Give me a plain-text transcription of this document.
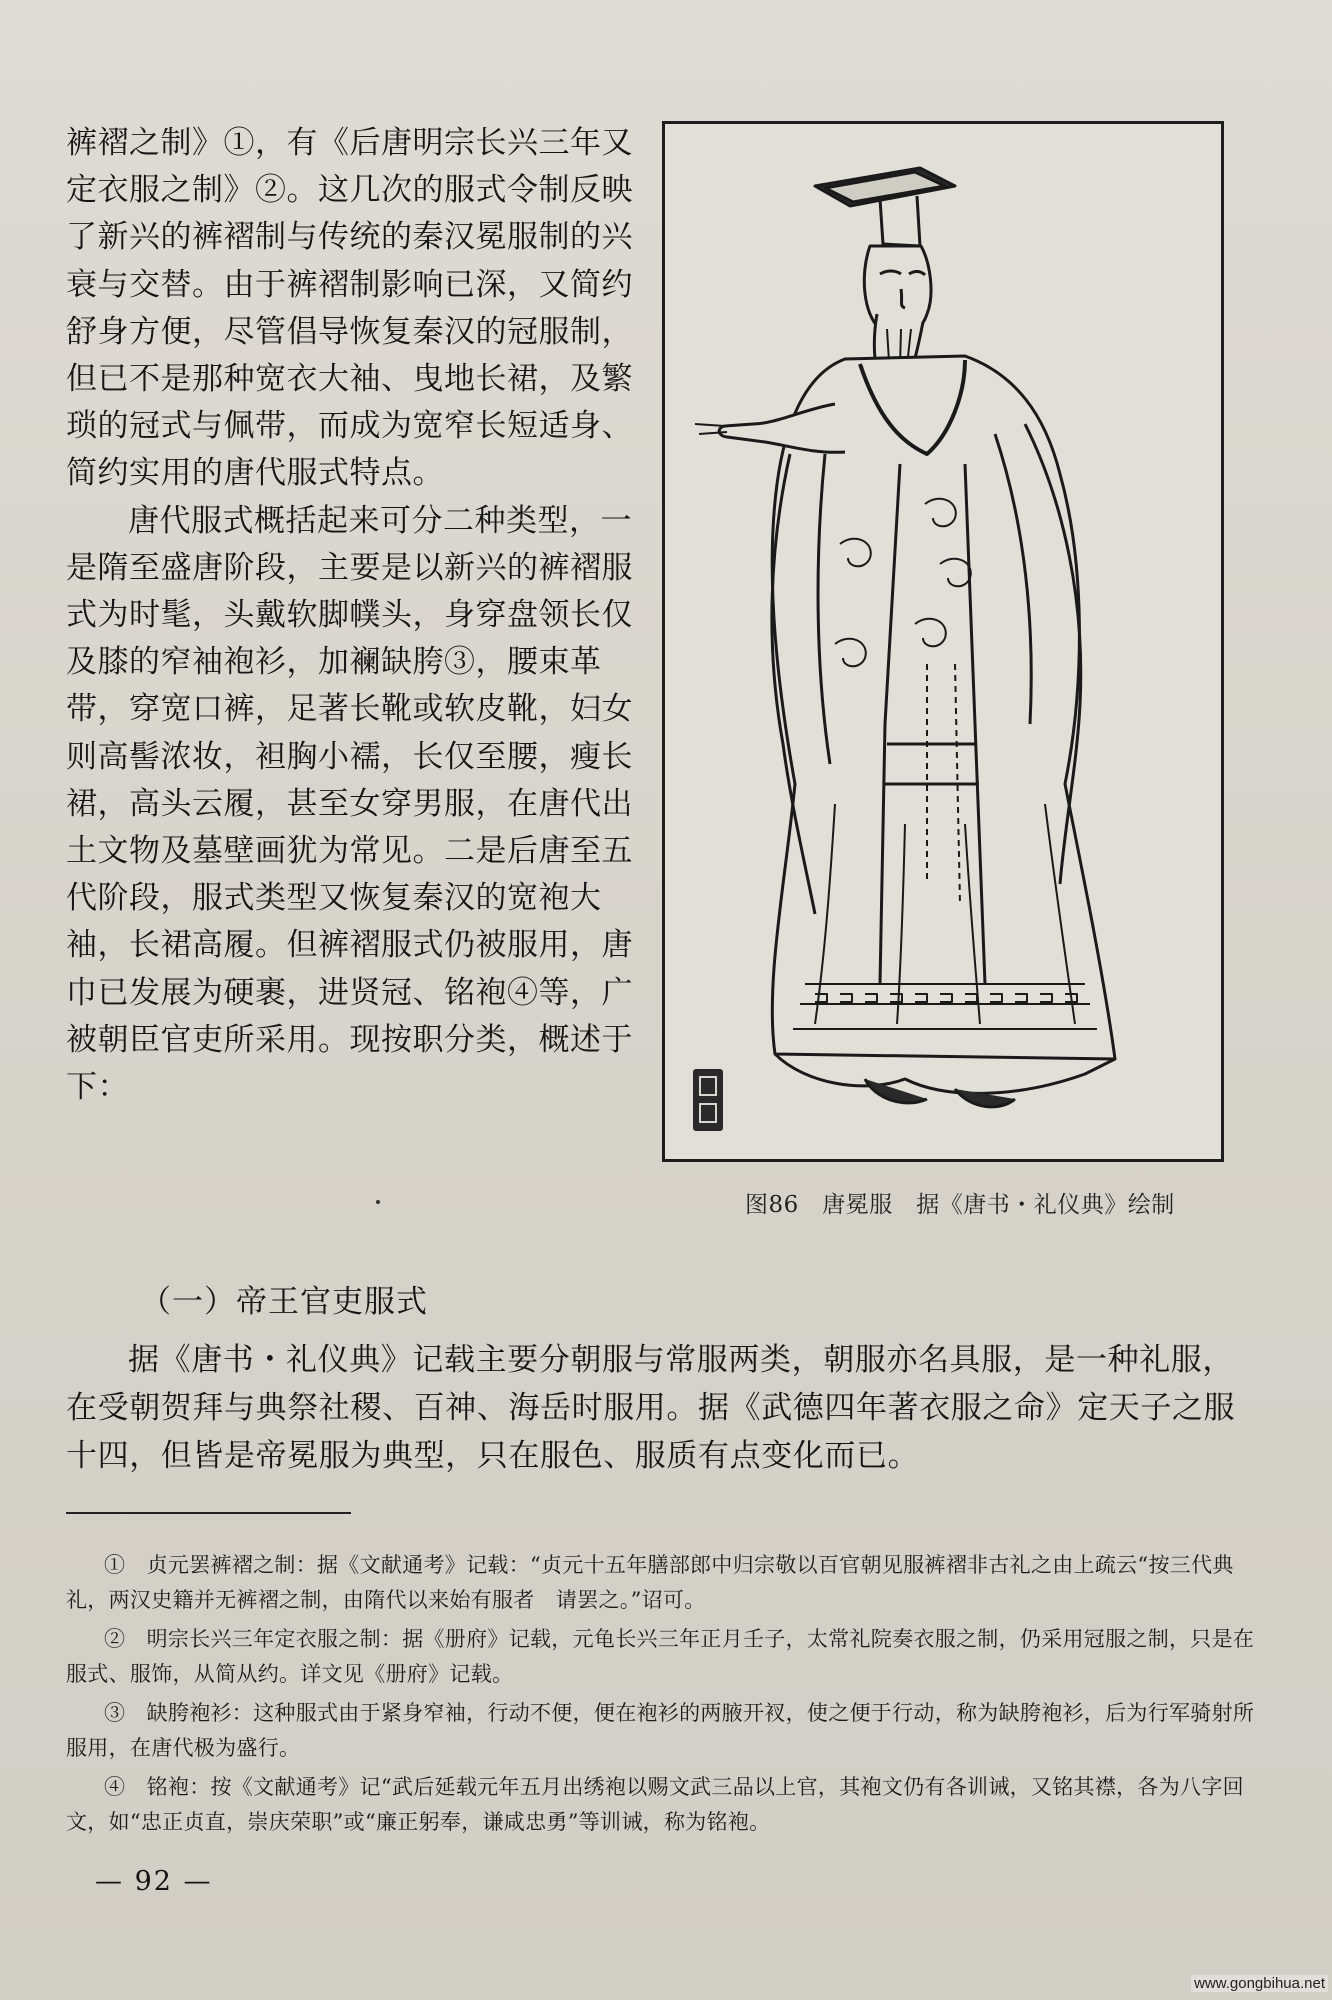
裤褶之制》①，有《后唐明宗长兴三年又定衣服之制》②。这几次的服式令制反映了新兴的裤褶制与传统的秦汉冕服制的兴衰与交替。由于裤褶制影响已深，又简约舒身方便，尽管倡导恢复秦汉的冠服制，但已不是那种宽衣大袖、曳地长裙，及繁琐的冠式与佩带，而成为宽窄长短适身、简约实用的唐代服式特点。

唐代服式概括起来可分二种类型，一是隋至盛唐阶段，主要是以新兴的裤褶服式为时髦，头戴软脚幞头，身穿盘领长仅及膝的窄袖袍衫，加襕缺胯③，腰束革带，穿宽口裤，足著长靴或软皮靴，妇女则高髻浓妆，袒胸小襦，长仅至腰，瘦长裙，高头云履，甚至女穿男服，在唐代出土文物及墓壁画犹为常见。二是后唐至五代阶段，服式类型又恢复秦汉的宽袍大袖，长裙高履。但裤褶服式仍被服用，唐巾已发展为硬裹，进贤冠、铭袍④等，广被朝臣官吏所采用。现按职分类，概述于下：

图86　唐冕服　据《唐书・礼仪典》绘制
（一）帝王官吏服式

据《唐书・礼仪典》记载主要分朝服与常服两类，朝服亦名具服，是一种礼服，在受朝贺拜与典祭社稷、百神、海岳时服用。据《武德四年著衣服之命》定天子之服十四，但皆是帝冕服为典型，只在服色、服质有点变化而已。

①　贞元罢裤褶之制：据《文献通考》记载：“贞元十五年膳部郎中归宗敬以百官朝见服裤褶非古礼之由上疏云“按三代典礼，两汉史籍并无裤褶之制，由隋代以来始有服者　请罢之。”诏可。

②　明宗长兴三年定衣服之制：据《册府》记载，元龟长兴三年正月壬子，太常礼院奏衣服之制，仍采用冠服之制，只是在服式、服饰，从简从约。详文见《册府》记载。

③　缺胯袍衫：这种服式由于紧身窄袖，行动不便，便在袍衫的两腋开衩，使之便于行动，称为缺胯袍衫，后为行军骑射所服用，在唐代极为盛行。

④　铭袍：按《文献通考》记“武后延载元年五月出绣袍以赐文武三品以上官，其袍文仍有各训诫，又铭其襟，各为八字回文，如“忠正贞直，崇庆荣职”或“廉正躬奉，谦咸忠勇”等训诫，称为铭袍。

— 92 —
www.gongbihua.net
